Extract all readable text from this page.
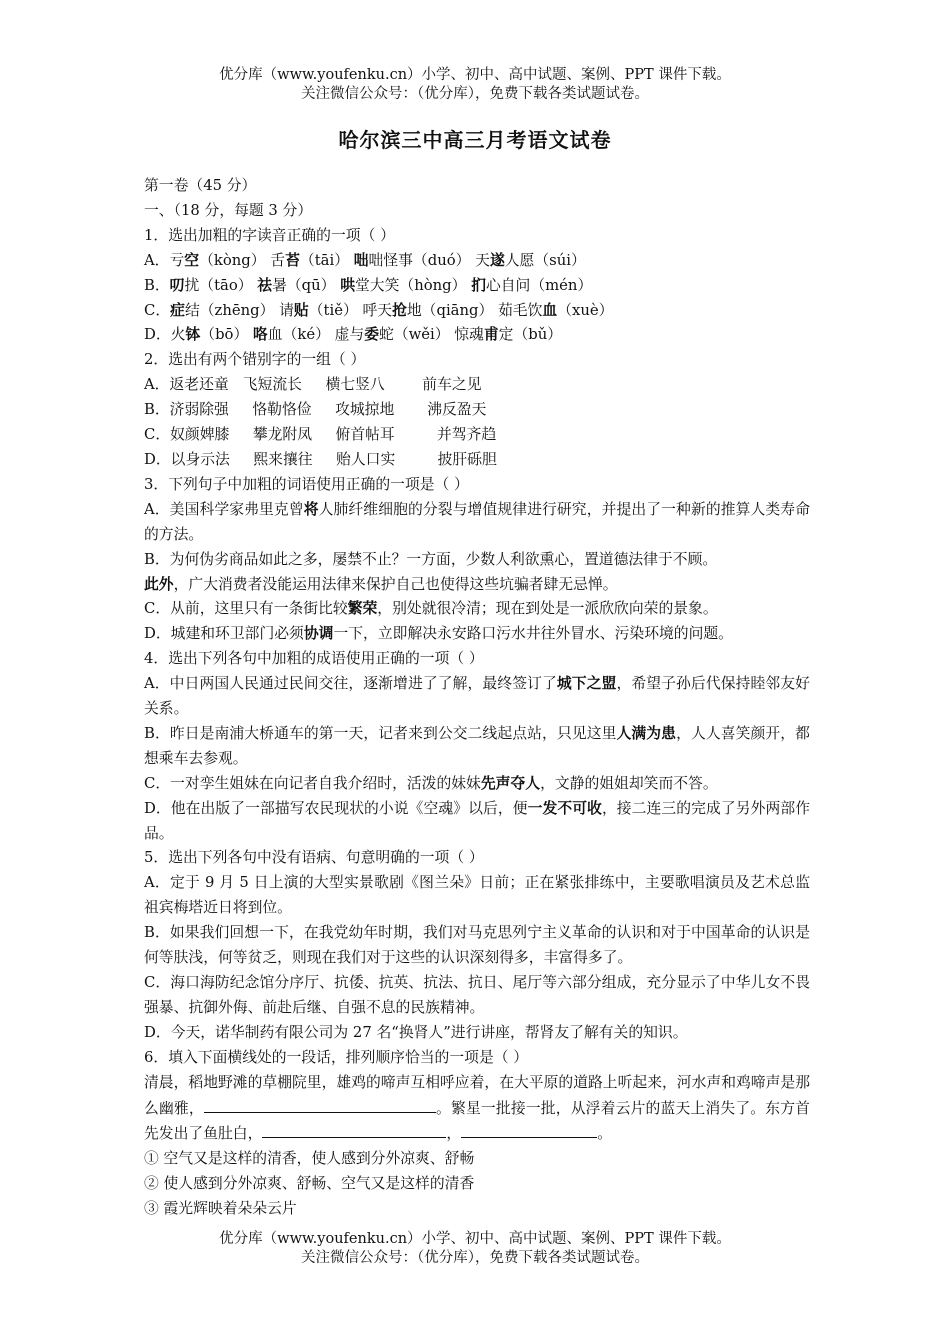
优分库（www.youfenku.cn）小学、初中、高中试题、案例、PPT 课件下载。
关注微信公众号：（优分库），免费下载各类试题试卷。
哈尔滨三中高三月考语文试卷
第一卷（45 分）
一、（18 分，每题 3 分）
1．选出加粗的字读音正确的一项（ ）
A．亏空（kòng） 舌苔（tāi） 咄咄怪事（duó） 天遂人愿（súi）
B．叨扰（tāo） 祛暑（qū） 哄堂大笑（hòng） 扪心自问（mén）
C．症结（zhēng） 请贴（tiě） 呼天抢地（qiāng） 茹毛饮血（xuè）
D．火钵（bō） 咯血（ké） 虚与委蛇（wěi） 惊魂甫定（bǔ）
2．选出有两个错别字的一组（ ）
A．返老还童   飞短流长     横七竖八        前车之见
B．济弱除强     恪勒恪俭     攻城掠地       沸反盈天
C．奴颜婢膝     攀龙附凤     俯首帖耳         并驾齐趋
D．以身示法     熙来攘往     贻人口实         披肝砾胆
3．下列句子中加粗的词语使用正确的一项是（ ）
A．美国科学家弗里克曾将人肺纤维细胞的分裂与增值规律进行研究，并提出了一种新的推算人类寿命的方法。
B．为何伪劣商品如此之多，屡禁不止？一方面，少数人利欲熏心，置道德法律于不顾。
此外，广大消费者没能运用法律来保护自己也使得这些坑骗者肆无忌惮。
C．从前，这里只有一条街比较繁荣，别处就很冷清；现在到处是一派欣欣向荣的景象。
D．城建和环卫部门必须协调一下，立即解决永安路口污水井往外冒水、污染环境的问题。
4．选出下列各句中加粗的成语使用正确的一项（ ）
A．中日两国人民通过民间交往，逐渐增进了了解，最终签订了城下之盟，希望子孙后代保持睦邻友好关系。
B．昨日是南浦大桥通车的第一天，记者来到公交二线起点站，只见这里人满为患，人人喜笑颜开，都想乘车去参观。
C．一对孪生姐妹在向记者自我介绍时，活泼的妹妹先声夺人，文静的姐姐却笑而不答。
D．他在出版了一部描写农民现状的小说《空魂》以后，便一发不可收，接二连三的完成了另外两部作品。
5．选出下列各句中没有语病、句意明确的一项（ ）
A．定于 9 月 5 日上演的大型实景歌剧《图兰朵》日前；正在紧张排练中，主要歌唱演员及艺术总监祖宾梅塔近日将到位。
B．如果我们回想一下，在我党幼年时期，我们对马克思列宁主义革命的认识和对于中国革命的认识是何等肤浅，何等贫乏，则现在我们对于这些的认识深刻得多，丰富得多了。
C．海口海防纪念馆分序厅、抗倭、抗英、抗法、抗日、尾厅等六部分组成，充分显示了中华儿女不畏强暴、抗御外侮、前赴后继、自强不息的民族精神。
D．今天，诺华制药有限公司为 27 名“换肾人”进行讲座，帮肾友了解有关的知识。
6．填入下面横线处的一段话，排列顺序恰当的一项是（ ）
清晨，稻地野滩的草棚院里，雄鸡的啼声互相呼应着，在大平原的道路上听起来，河水声和鸡啼声是那么幽雅，	。繁星一批接一批，从浮着云片的蓝天上消失了。东方首先发出了鱼肚白，	，	。
① 空气又是这样的清香，使人感到分外凉爽、舒畅
② 使人感到分外凉爽、舒畅、空气又是这样的清香
③ 霞光辉映着朵朵云片
优分库（www.youfenku.cn）小学、初中、高中试题、案例、PPT 课件下载。
关注微信公众号：（优分库），免费下载各类试题试卷。
